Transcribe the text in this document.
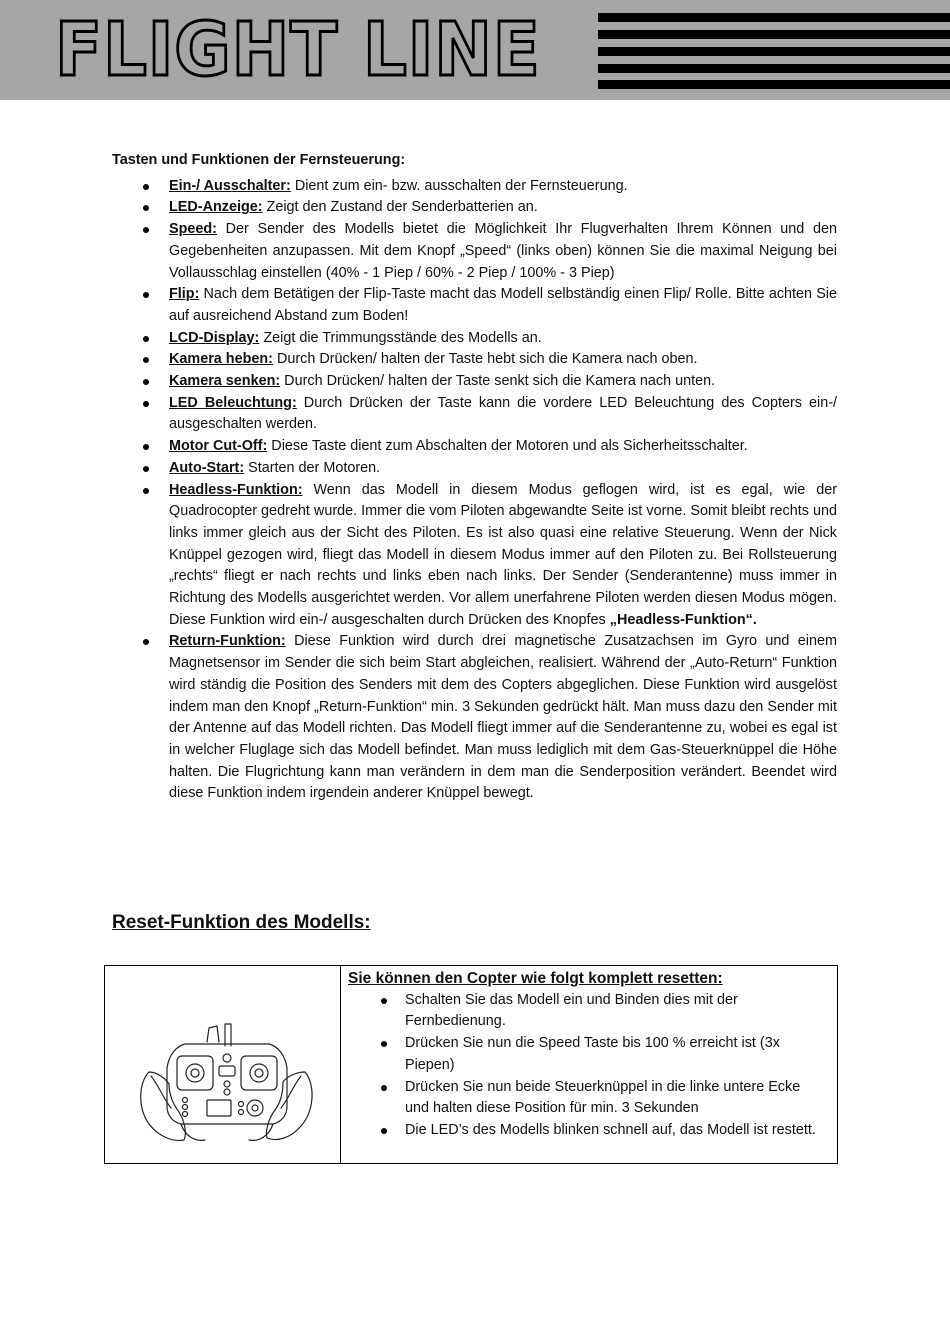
FLIGHT LINE

Tasten und Funktionen der Fernsteuerung:

Ein-/ Ausschalter: Dient zum ein- bzw. ausschalten der Fernsteuerung.
LED-Anzeige: Zeigt den Zustand der Senderbatterien an.
Speed: Der Sender des Modells bietet die Möglichkeit Ihr Flugverhalten Ihrem Können und den Gegebenheiten anzupassen. Mit dem Knopf „Speed“ (links oben) können Sie die maximal Neigung bei Vollausschlag einstellen (40% - 1 Piep / 60% - 2 Piep / 100% - 3 Piep)
Flip: Nach dem Betätigen der Flip-Taste macht das Modell selbständig einen Flip/ Rolle. Bitte achten Sie auf ausreichend Abstand zum Boden!
LCD-Display: Zeigt die Trimmungsstände des Modells an.
Kamera heben: Durch Drücken/ halten der Taste hebt sich die Kamera nach oben.
Kamera senken: Durch Drücken/ halten der Taste senkt sich die Kamera nach unten.
LED Beleuchtung: Durch Drücken der Taste kann die vordere LED Beleuchtung des Copters ein-/ ausgeschalten werden.
Motor Cut-Off: Diese Taste dient zum Abschalten der Motoren und als Sicherheitsschalter.
Auto-Start: Starten der Motoren.
Headless-Funktion: Wenn das Modell in diesem Modus geflogen wird, ist es egal, wie der Quadrocopter gedreht wurde. Immer die vom Piloten abgewandte Seite ist vorne. Somit bleibt rechts und links immer gleich aus der Sicht des Piloten. Es ist also quasi eine relative Steuerung. Wenn der Nick Knüppel gezogen wird, fliegt das Modell in diesem Modus immer auf den Piloten zu. Bei Rollsteuerung „rechts“ fliegt er nach rechts und links eben nach links. Der Sender (Senderantenne) muss immer in Richtung des Modells ausgerichtet werden. Vor allem unerfahrene Piloten werden diesen Modus mögen. Diese Funktion wird ein-/ ausgeschalten durch Drücken des Knopfes „Headless-Funktion“.
Return-Funktion: Diese Funktion wird durch drei magnetische Zusatzachsen im Gyro und einem Magnetsensor im Sender die sich beim Start abgleichen, realisiert. Während der „Auto-Return“ Funktion wird ständig die Position des Senders mit dem des Copters abgeglichen. Diese Funktion wird ausgelöst indem man den Knopf „Return-Funktion“ min. 3 Sekunden gedrückt hält. Man muss dazu den Sender mit der Antenne auf das Modell richten. Das Modell fliegt immer auf die Senderantenne zu, wobei es egal ist in welcher Fluglage sich das Modell befindet. Man muss lediglich mit dem Gas-Steuerknüppel die Höhe halten. Die Flugrichtung kann man verändern in dem man die Senderposition verändert. Beendet wird diese Funktion indem irgendein anderer Knüppel bewegt.
Reset-Funktion des Modells:

Sie können den Copter wie folgt komplett resetten:

Schalten Sie das Modell ein und Binden dies mit der Fernbedienung.
Drücken Sie nun die Speed Taste bis 100 % erreicht ist (3x Piepen)
Drücken Sie nun beide Steuerknüppel in die linke untere Ecke und halten diese Position für min. 3 Sekunden
Die LED’s des Modells blinken schnell auf, das Modell ist restett.
